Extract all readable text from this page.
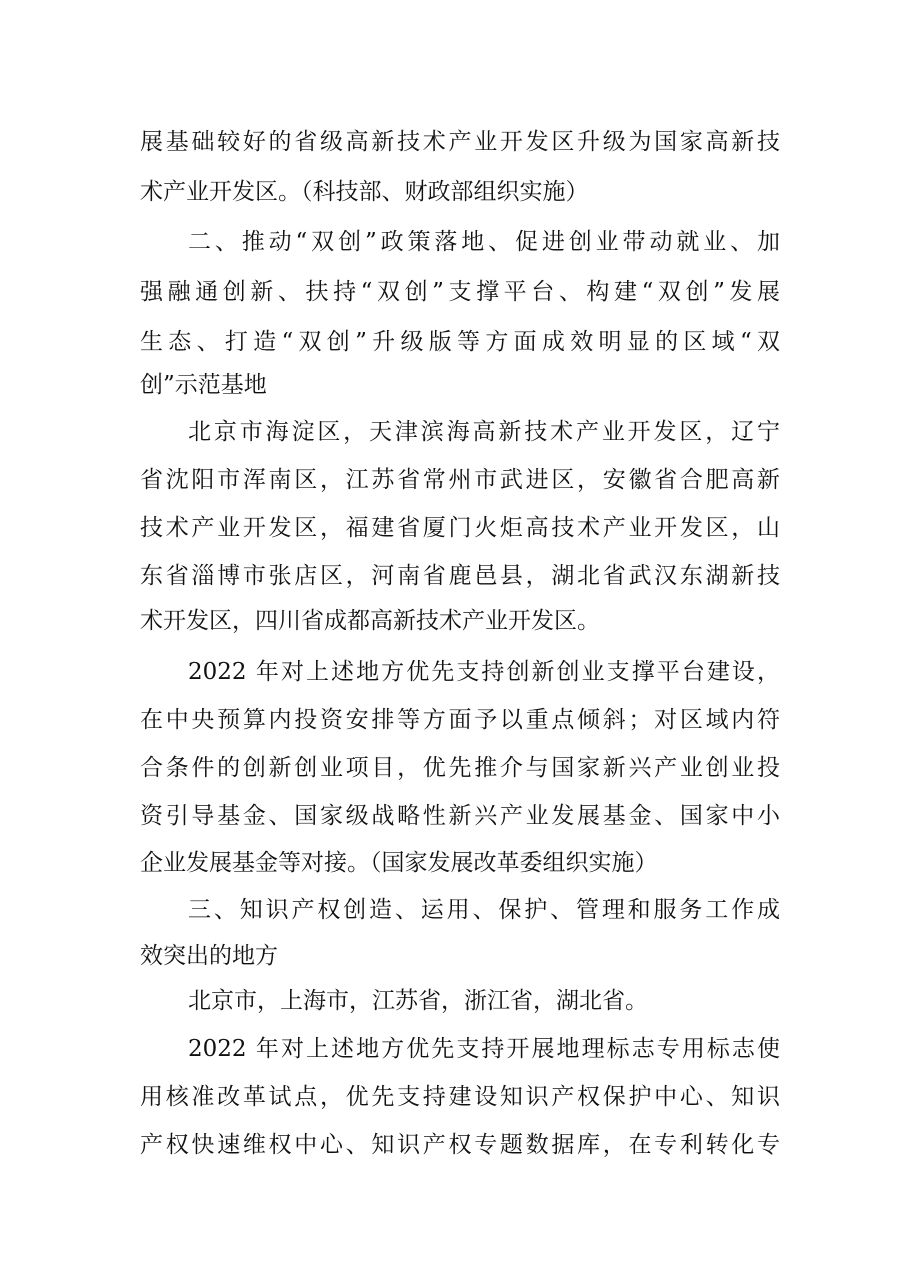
展基础较好的省级高新技术产业开发区升级为国家高新技
术产业开发区。（科技部、财政部组织实施）
二、推动“双创”政策落地、促进创业带动就业、加
强融通创新、扶持“双创”支撑平台、构建“双创”发展
生态、打造“双创”升级版等方面成效明显的区域“双
创”示范基地
北京市海淀区，天津滨海高新技术产业开发区，辽宁
省沈阳市浑南区，江苏省常州市武进区，安徽省合肥高新
技术产业开发区，福建省厦门火炬高技术产业开发区，山
东省淄博市张店区，河南省鹿邑县，湖北省武汉东湖新技
术开发区，四川省成都高新技术产业开发区。
2022 年对上述地方优先支持创新创业支撑平台建设，
在中央预算内投资安排等方面予以重点倾斜；对区域内符
合条件的创新创业项目，优先推介与国家新兴产业创业投
资引导基金、国家级战略性新兴产业发展基金、国家中小
企业发展基金等对接。（国家发展改革委组织实施）
三、知识产权创造、运用、保护、管理和服务工作成
效突出的地方
北京市，上海市，江苏省，浙江省，湖北省。
2022 年对上述地方优先支持开展地理标志专用标志使
用核准改革试点，优先支持建设知识产权保护中心、知识
产权快速维权中心、知识产权专题数据库，在专利转化专
